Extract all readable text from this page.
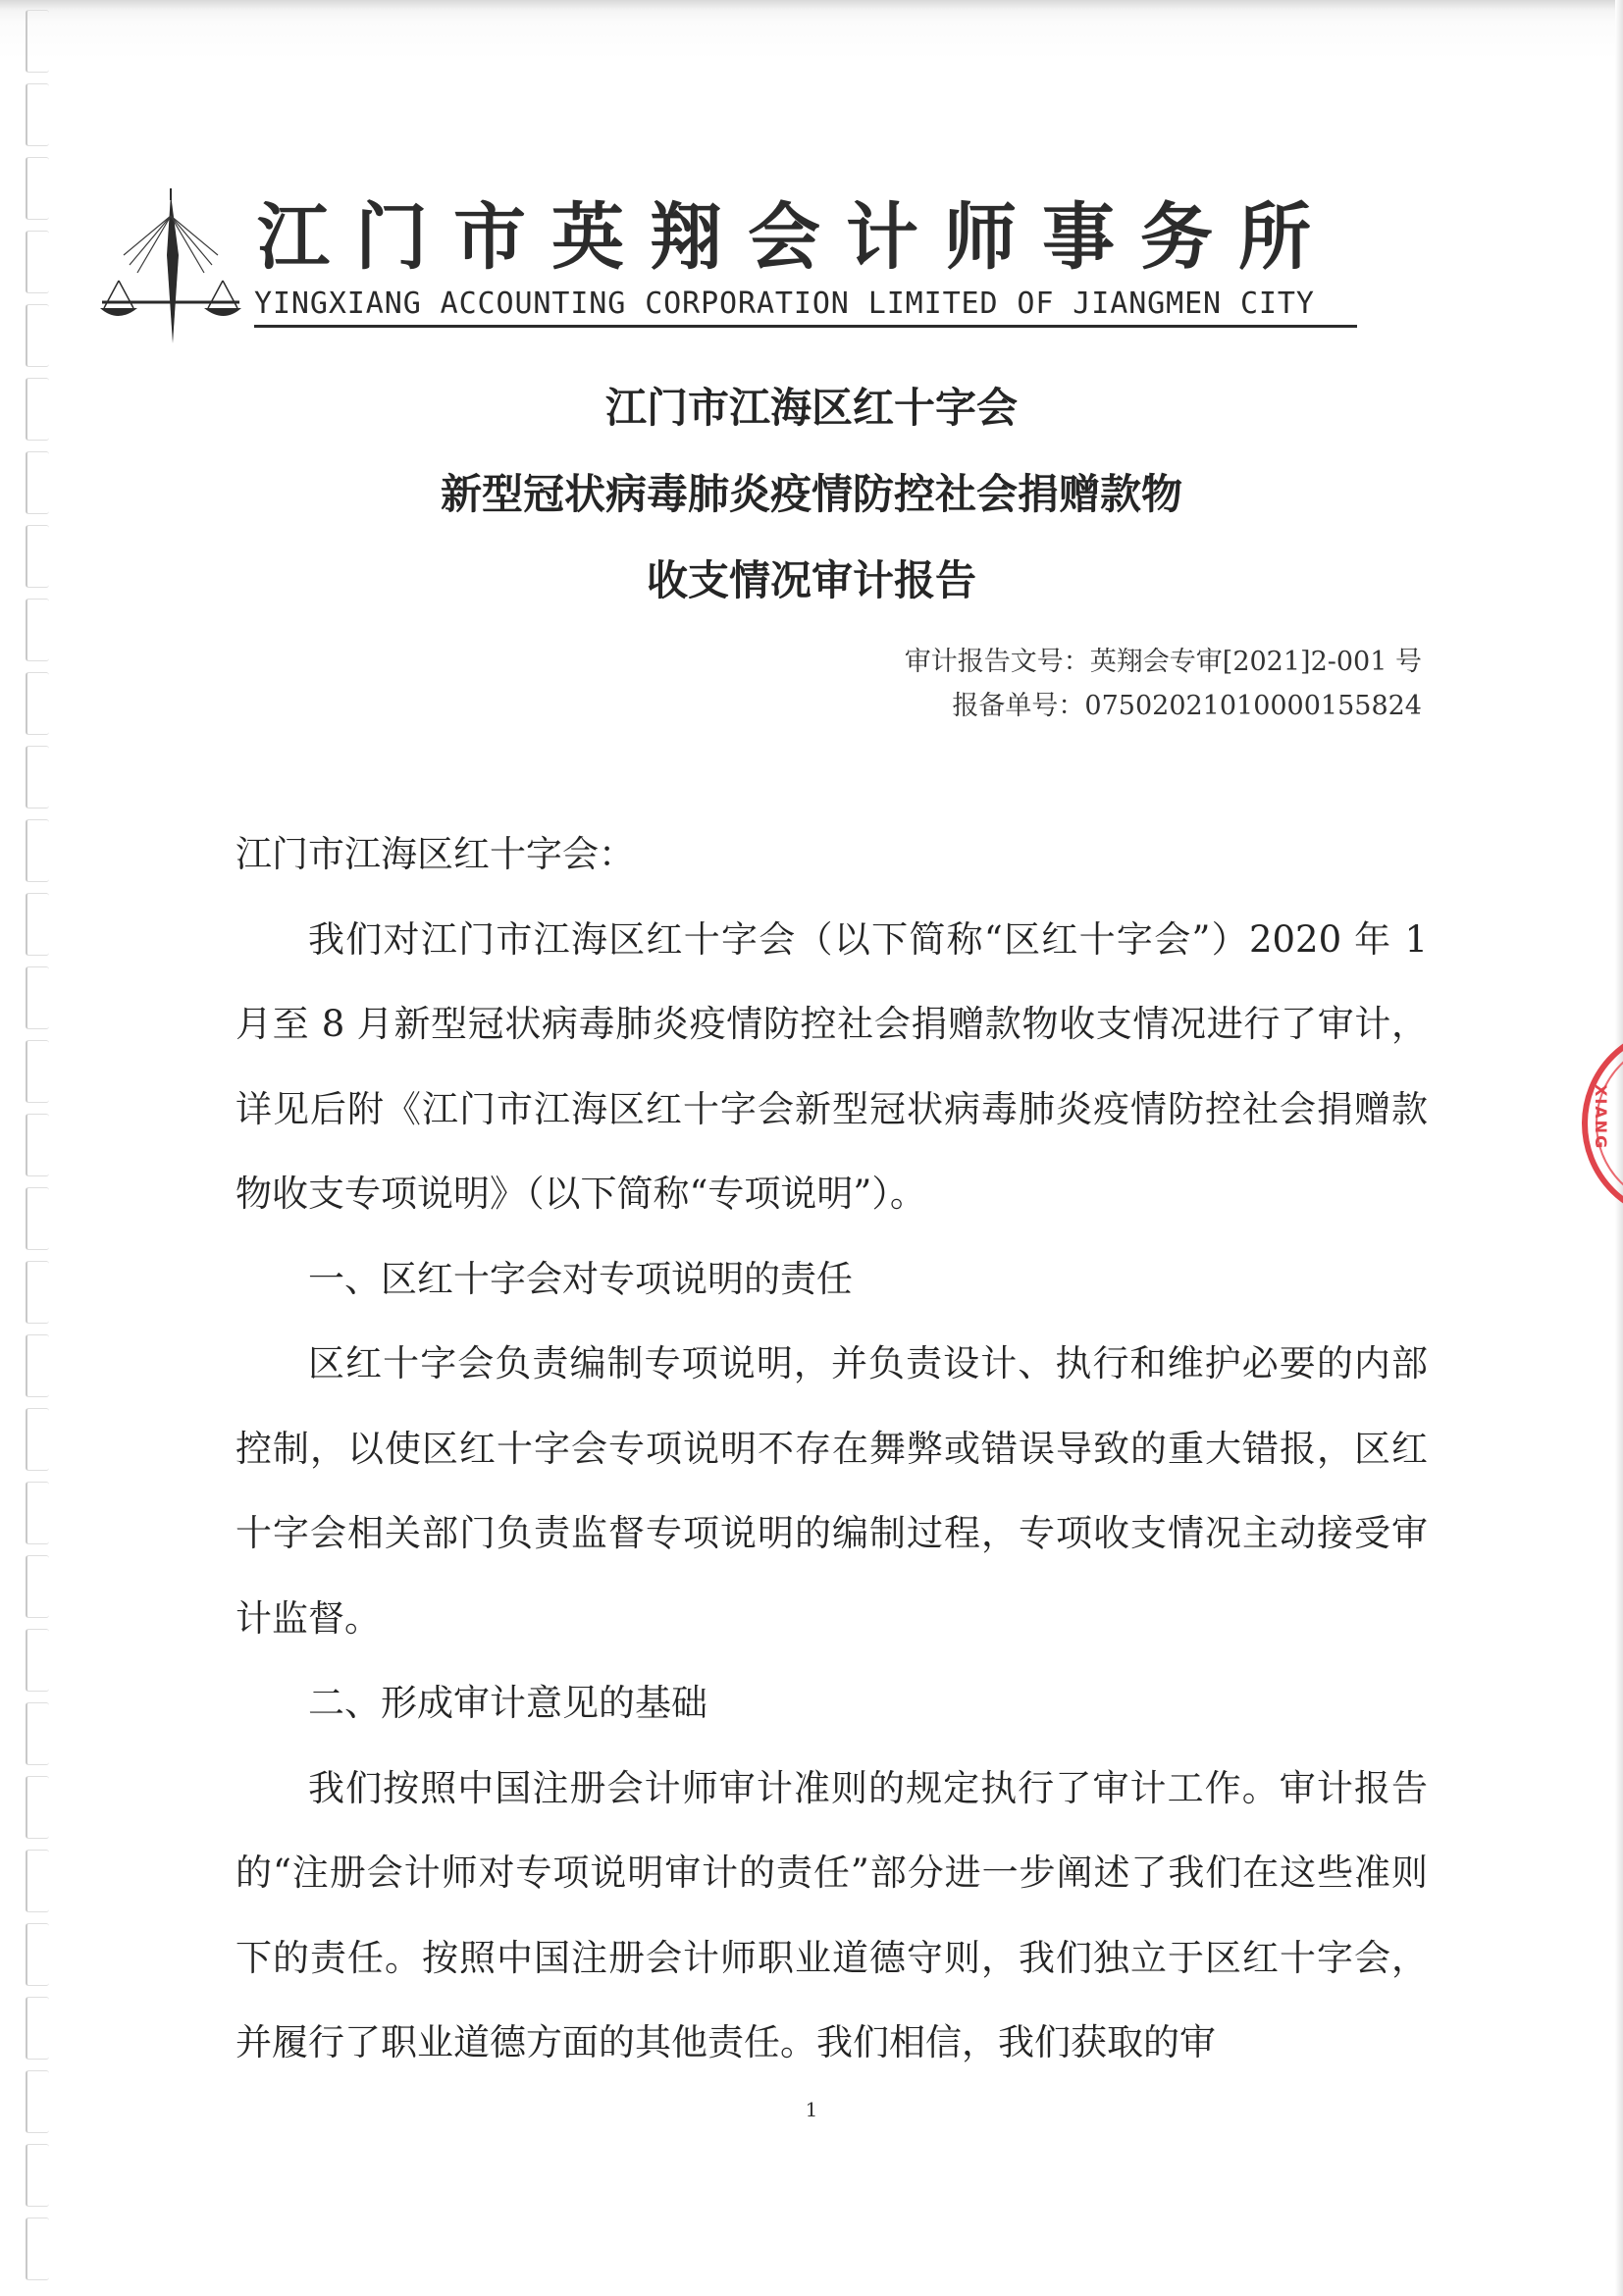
江门市英翔会计师事务所
YINGXIANG ACCOUNTING CORPORATION LIMITED OF JIANGMEN CITY
江门市江海区红十字会
新型冠状病毒肺炎疫情防控社会捐赠款物
收支情况审计报告
审计报告文号：英翔会专审[2021]2-001 号
报备单号：07502021010000155824

江门市江海区红十字会：

我们对江门市江海区红十字会（以下简称“区红十字会”）2020 年 1 月至 8 月新型冠状病毒肺炎疫情防控社会捐赠款物收支情况进行了审计，详见后附《江门市江海区红十字会新型冠状病毒肺炎疫情防控社会捐赠款物收支专项说明》（以下简称“专项说明”）。

一、区红十字会对专项说明的责任

区红十字会负责编制专项说明，并负责设计、执行和维护必要的内部控制，以使区红十字会专项说明不存在舞弊或错误导致的重大错报，区红十字会相关部门负责监督专项说明的编制过程，专项收支情况主动接受审计监督。

二、形成审计意见的基础

我们按照中国注册会计师审计准则的规定执行了审计工作。审计报告的“注册会计师对专项说明审计的责任”部分进一步阐述了我们在这些准则下的责任。按照中国注册会计师职业道德守则，我们独立于区红十字会，并履行了职业道德方面的其他责任。我们相信，我们获取的审

XIANG
1
